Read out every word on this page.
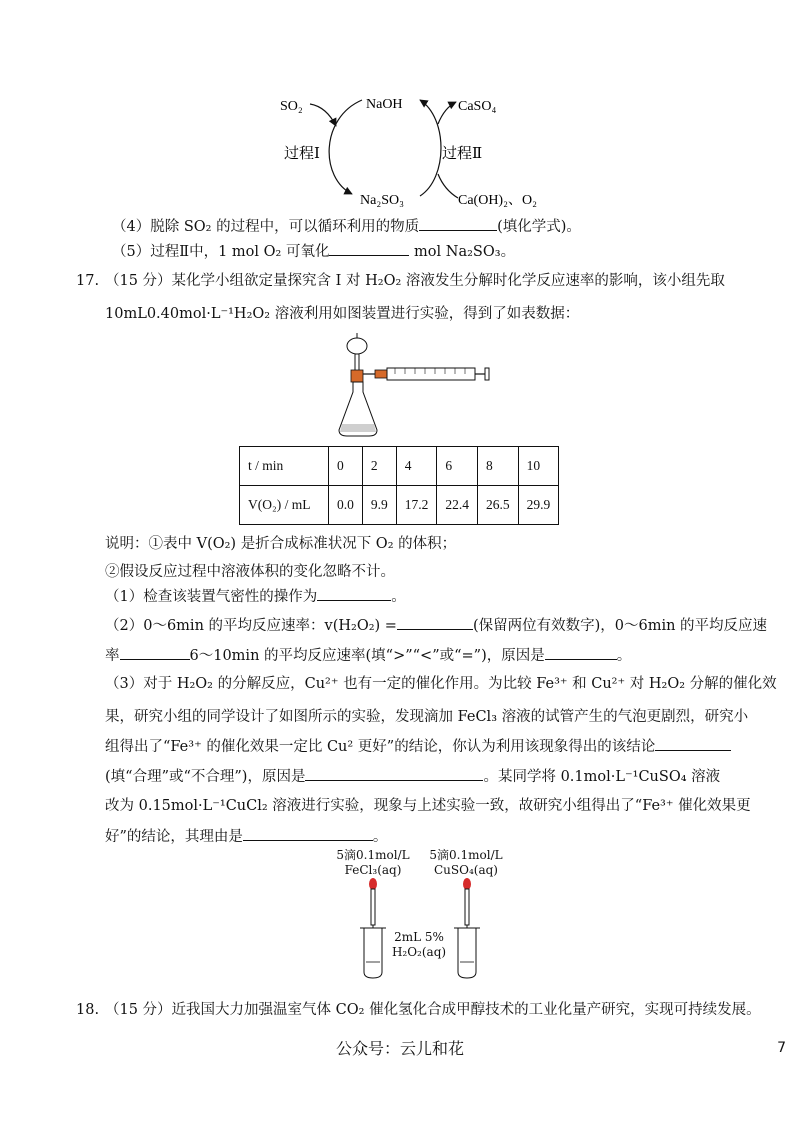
SO₂	NaOH	CaSO₄
过程Ⅰ	过程Ⅱ
Na₂SO₃	Ca(OH)₂、O₂
（4）脱除 SO₂ 的过程中，可以循环利用的物质	(填化学式)。
（5）过程Ⅱ中，1 mol O₂ 可氧化	mol Na₂SO₃。
17. （15 分）某化学小组欲定量探究含 I 对 H₂O₂ 溶液发生分解时化学反应速率的影响，该小组先取
10mL0.40mol·L⁻¹H₂O₂ 溶液利用如图装置进行实验，得到了如表数据：
t / min	0	2	4	6	8	10
V(O₂) / mL	0.0	9.9	17.2	22.4	26.5	29.9
说明：①表中 V(O₂) 是折合成标准状况下 O₂ 的体积；
②假设反应过程中溶液体积的变化忽略不计。
（1）检查该装置气密性的操作为	。
（2）0～6min 的平均反应速率：v(H₂O₂) =	(保留两位有效数字)，0～6min 的平均反应速
率	6～10min 的平均反应速率(填“>”“<”或“=”)，原因是	。
（3）对于 H₂O₂ 的分解反应，Cu²⁺ 也有一定的催化作用。为比较 Fe³⁺ 和 Cu²⁺ 对 H₂O₂ 分解的催化效
果，研究小组的同学设计了如图所示的实验，发现滴加 FeCl₃ 溶液的试管产生的气泡更剧烈，研究小
组得出了“Fe³⁺ 的催化效果一定比 Cu² 更好”的结论，你认为利用该现象得出的该结论
(填“合理”或“不合理”)，原因是	。某同学将 0.1mol·L⁻¹CuSO₄ 溶液
改为 0.15mol·L⁻¹CuCl₂ 溶液进行实验，现象与上述实验一致，故研究小组得出了“Fe³⁺ 催化效果更
好”的结论，其理由是	。
5滴0.1mol/L
FeCl₃(aq)
5滴0.1mol/L
CuSO₄(aq)
2mL 5%
H₂O₂(aq)
18. （15 分）近我国大力加强温室气体 CO₂ 催化氢化合成甲醇技术的工业化量产研究，实现可持续发展。
公众号：云儿和花	7
